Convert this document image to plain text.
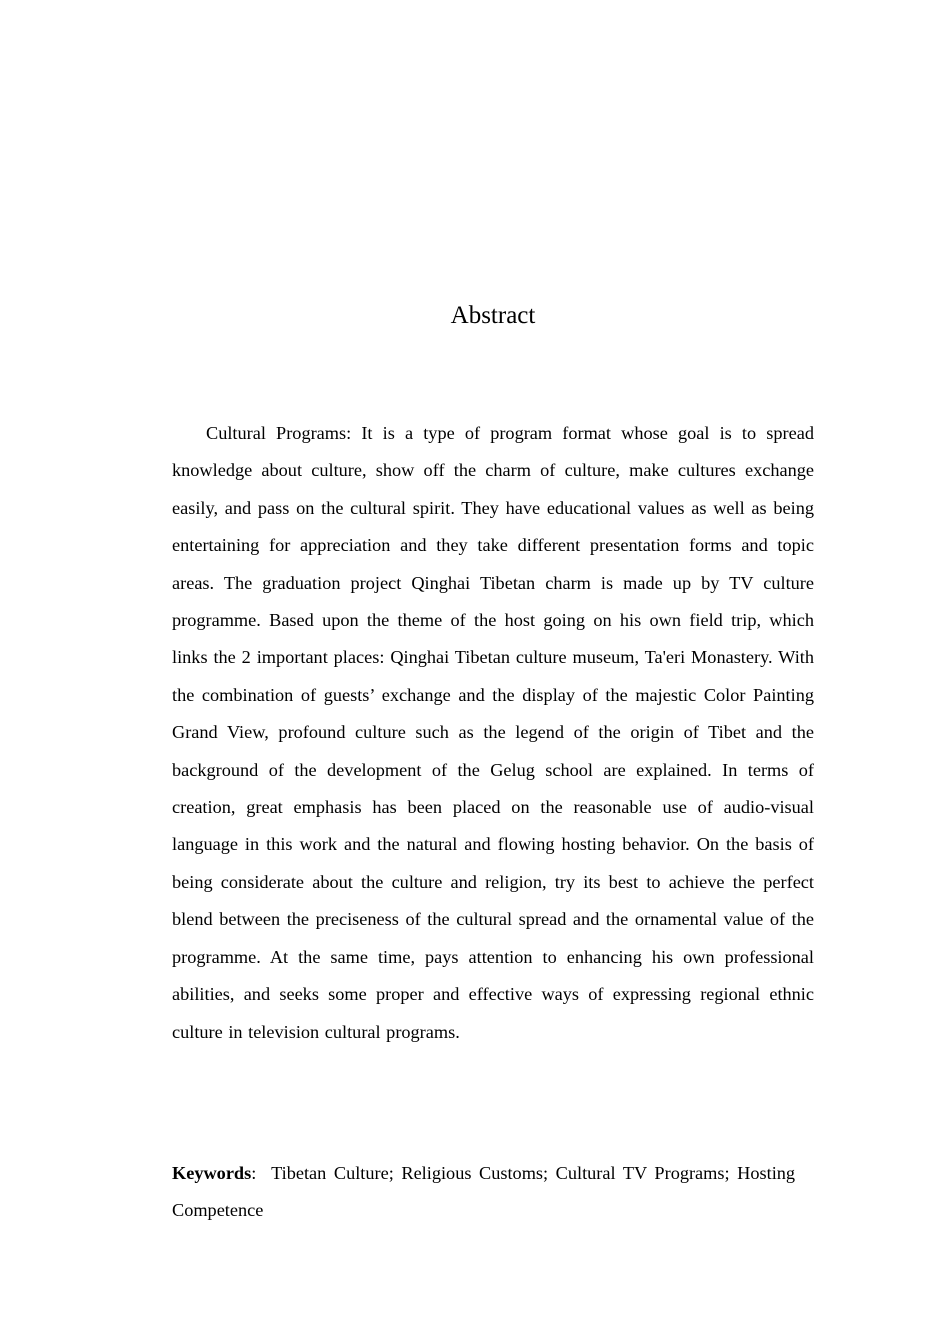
Abstract

Cultural Programs: It is a type of program format whose goal is to spread knowledge about culture, show off the charm of culture, make cultures exchange easily, and pass on the cultural spirit. They have educational values as well as being entertaining for appreciation and they take different presentation forms and topic areas. The graduation project Qinghai Tibetan charm is made up by TV culture programme. Based upon the theme of the host going on his own field trip, which links the 2 important places: Qinghai Tibetan culture museum, Ta'eri Monastery. With the combination of guests’ exchange and the display of the majestic Color Painting Grand View, profound culture such as the legend of the origin of Tibet and the background of the development of the Gelug school are explained. In terms of creation, great emphasis has been placed on the reasonable use of audio-visual language in this work and the natural and flowing hosting behavior. On the basis of being considerate about the culture and religion, try its best to achieve the perfect blend between the preciseness of the cultural spread and the ornamental value of the programme. At the same time, pays attention to enhancing his own professional abilities, and seeks some proper and effective ways of expressing regional ethnic culture in television cultural programs.

Keywords: Tibetan Culture; Religious Customs; Cultural TV Programs; Hosting Competence
